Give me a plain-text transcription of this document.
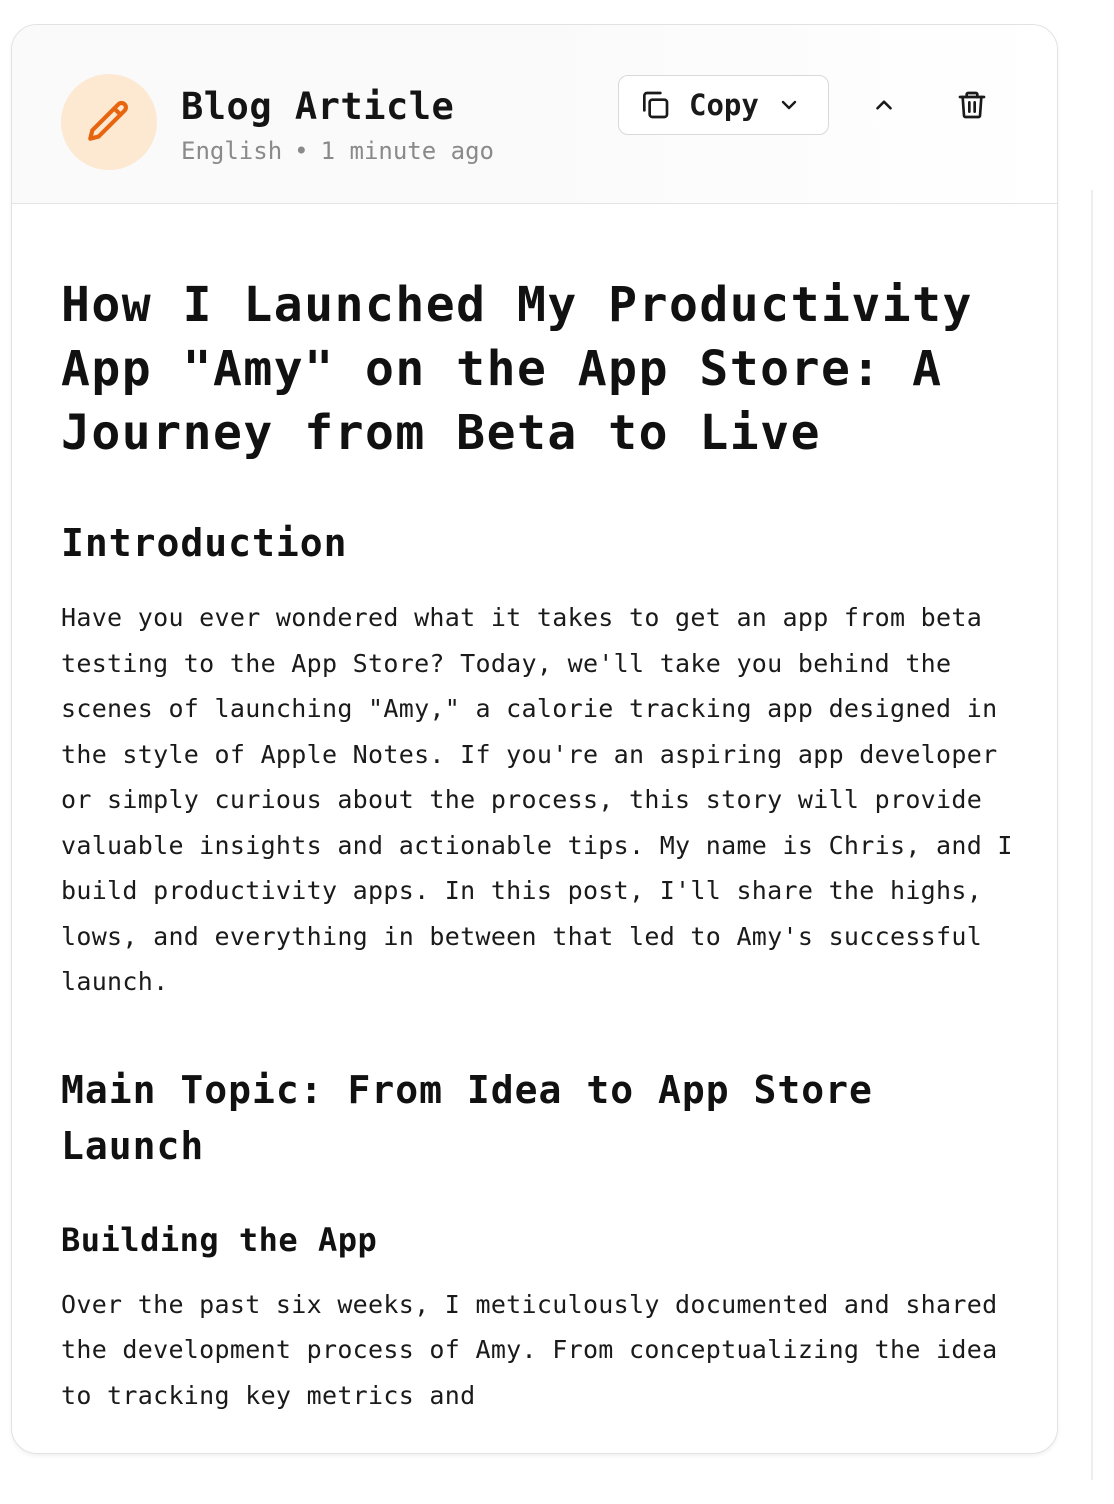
Blog Article
English • 1 minute ago
Copy
How I Launched My Productivity App "Amy" on the App Store: A Journey from Beta to Live
Introduction

Have you ever wondered what it takes to get an app from beta testing to the App Store? Today, we'll take you behind the scenes of launching "Amy," a calorie tracking app designed in the style of Apple Notes. If you're an aspiring app developer or simply curious about the process, this story will provide valuable insights and actionable tips. My name is Chris, and I build productivity apps. In this post, I'll share the highs, lows, and everything in between that led to Amy's successful launch.

Main Topic: From Idea to App Store Launch
Building the App

Over the past six weeks, I meticulously documented and shared the development process of Amy. From conceptualizing the idea to tracking key metrics and
